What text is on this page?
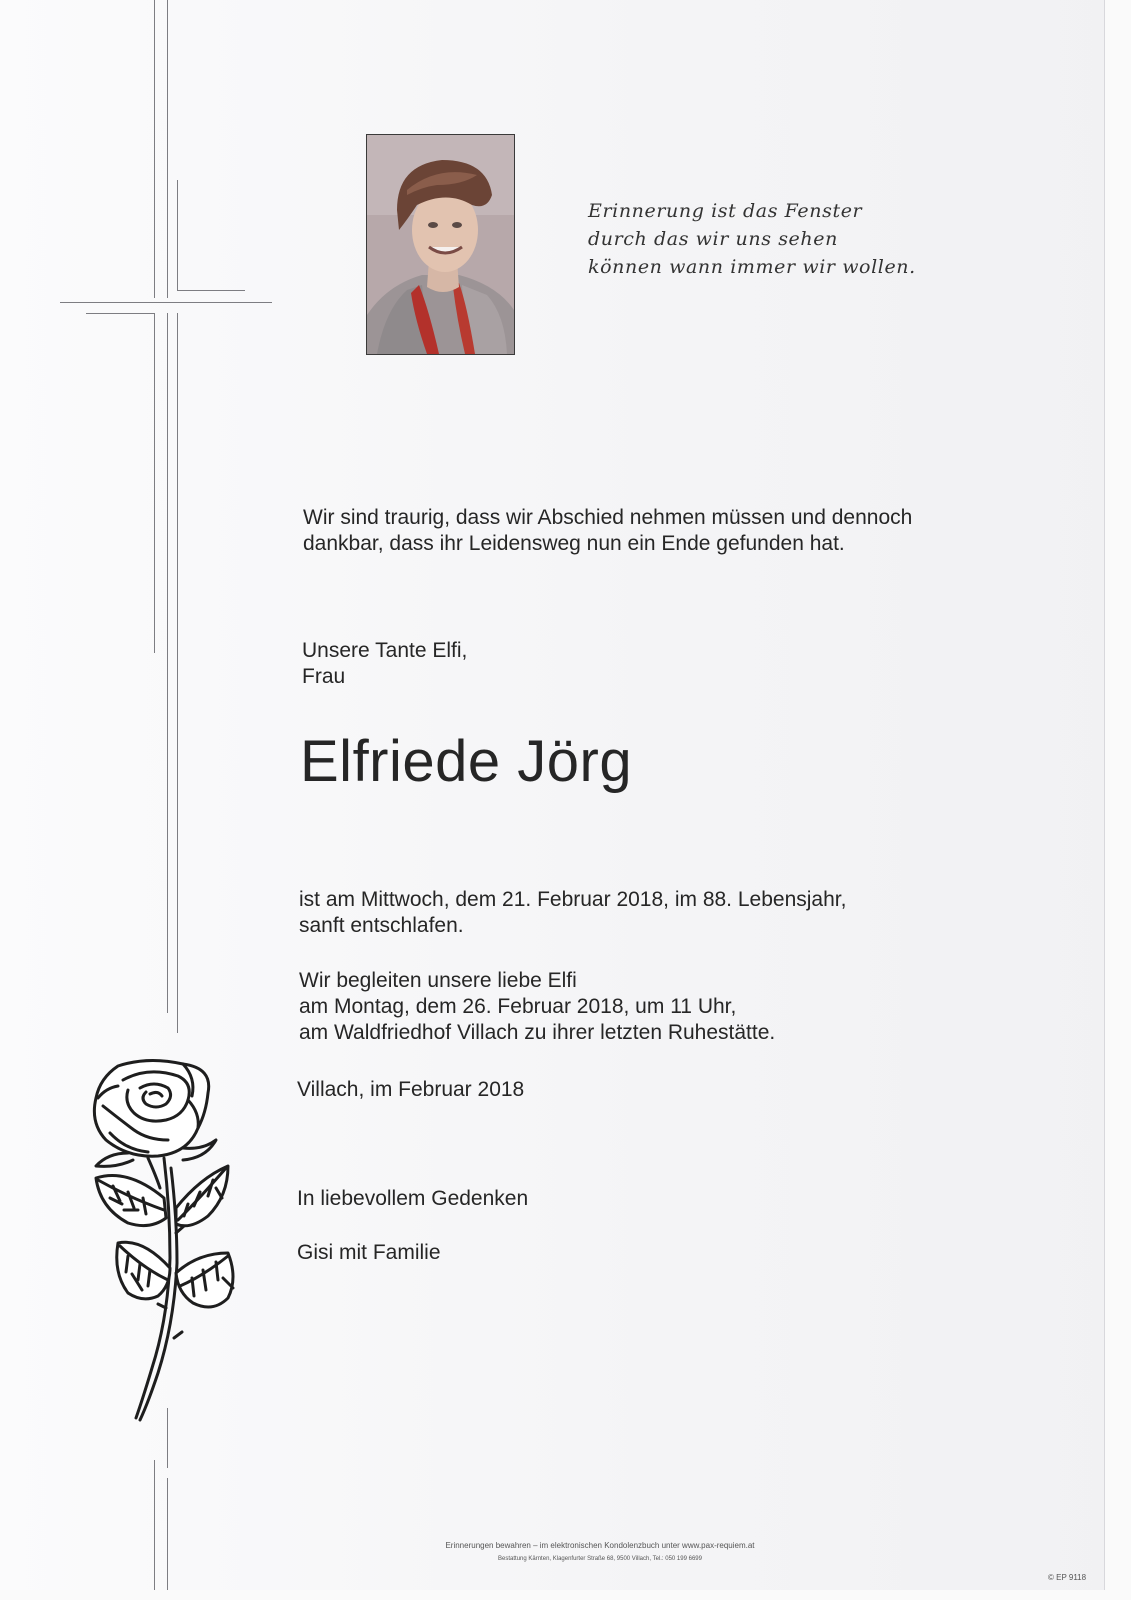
Erinnerung ist das Fenster
durch das wir uns sehen
können wann immer wir wollen.
Wir sind traurig, dass wir Abschied nehmen müssen und dennoch
dankbar, dass ihr Leidensweg nun ein Ende gefunden hat.
Unsere Tante Elfi,
Frau
Elfriede Jörg
ist am Mittwoch, dem 21. Februar 2018, im 88. Lebensjahr,
sanft entschlafen.
Wir begleiten unsere liebe Elfi
am Montag, dem 26. Februar 2018, um 11 Uhr,
am Waldfriedhof Villach zu ihrer letzten Ruhestätte.
Villach, im Februar 2018
In liebevollem Gedenken
Gisi mit Familie
Erinnerungen bewahren – im elektronischen Kondolenzbuch unter www.pax-requiem.at
Bestattung Kärnten, Klagenfurter Straße 68, 9500 Villach, Tel.: 050 199 6699
© EP 9118
